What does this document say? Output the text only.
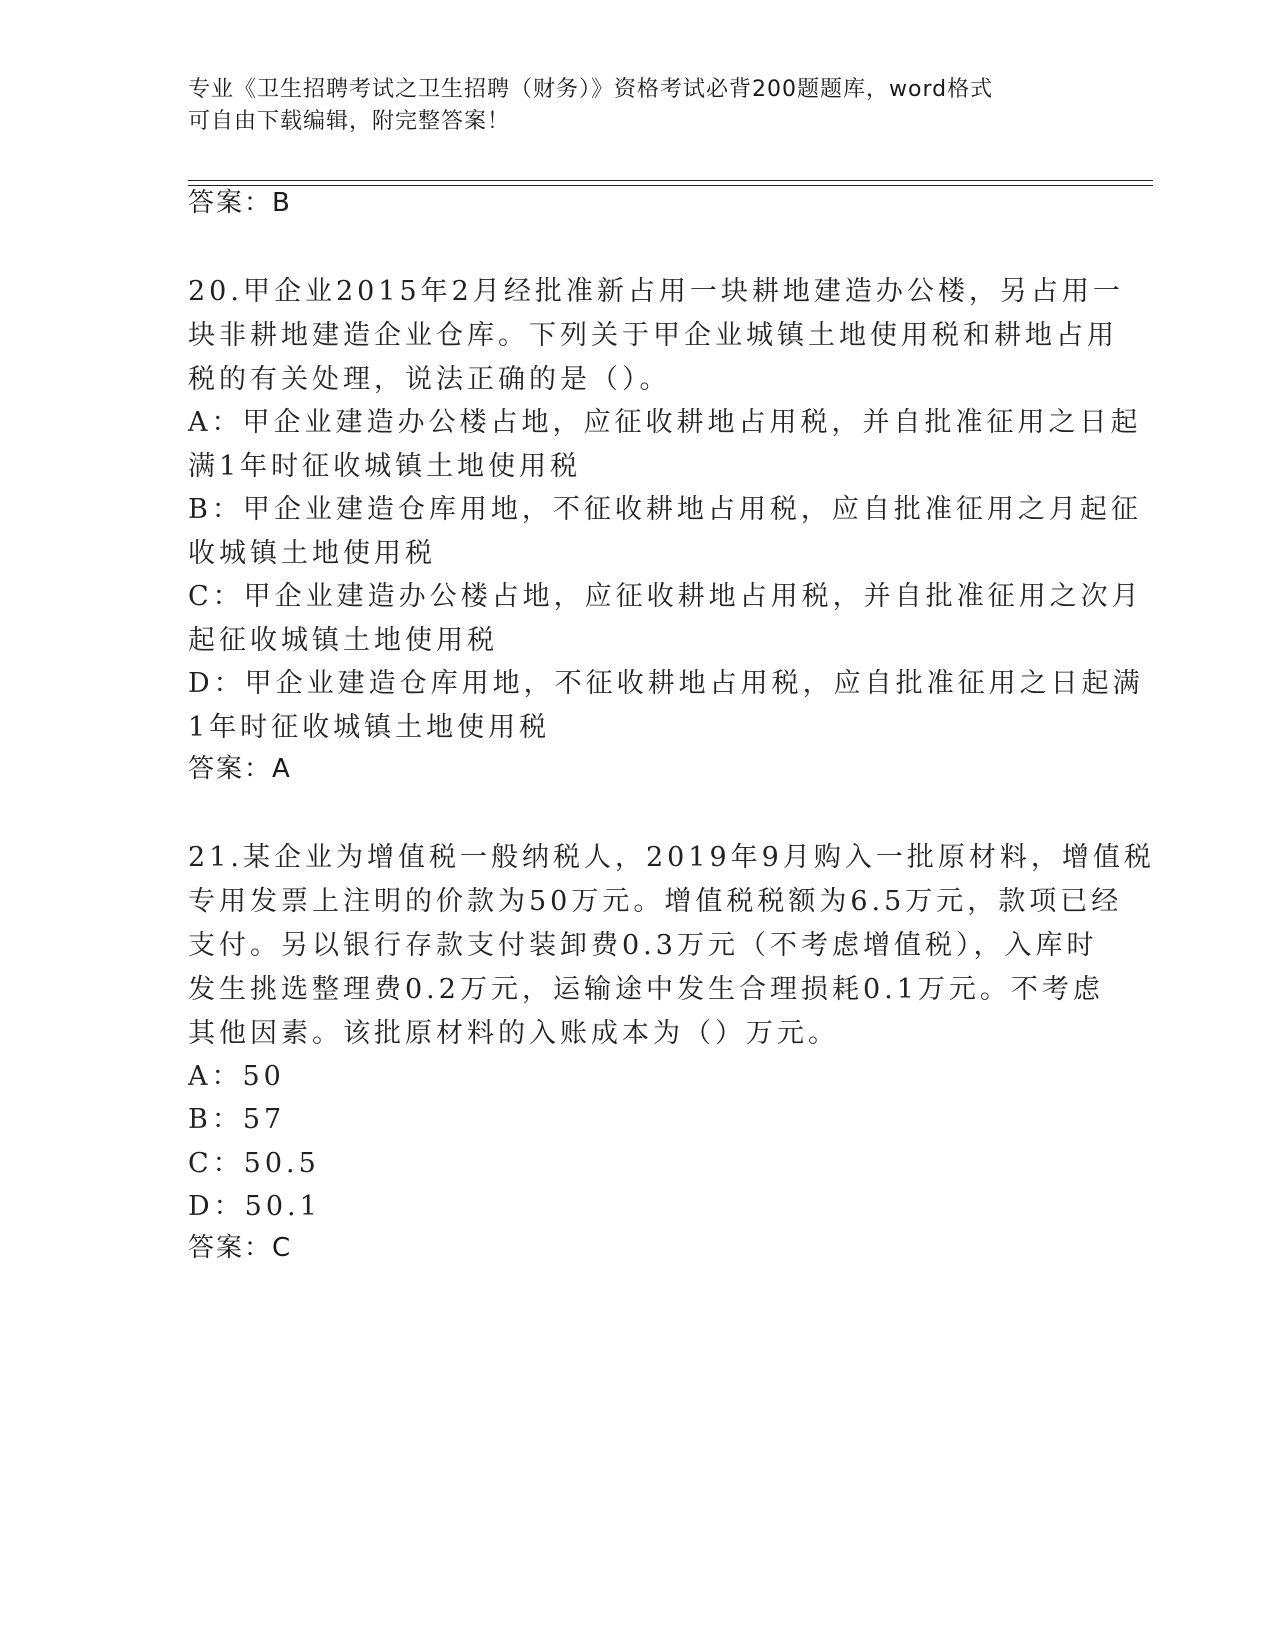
专业《卫生招聘考试之卫生招聘（财务）》资格考试必背200题题库，word格式
可自由下载编辑，附完整答案！
答案：B
20.甲企业2015年2月经批准新占用一块耕地建造办公楼，另占用一
块非耕地建造企业仓库。下列关于甲企业城镇土地使用税和耕地占用
税的有关处理，说法正确的是（）。
A：甲企业建造办公楼占地，应征收耕地占用税，并自批准征用之日起
满1年时征收城镇土地使用税
B：甲企业建造仓库用地，不征收耕地占用税，应自批准征用之月起征
收城镇土地使用税
C：甲企业建造办公楼占地，应征收耕地占用税，并自批准征用之次月
起征收城镇土地使用税
D：甲企业建造仓库用地，不征收耕地占用税，应自批准征用之日起满
1年时征收城镇土地使用税
答案：A
21.某企业为增值税一般纳税人，2019年9月购入一批原材料，增值税
专用发票上注明的价款为50万元。增值税税额为6.5万元，款项已经
支付。另以银行存款支付装卸费0.3万元（不考虑增值税），入库时
发生挑选整理费0.2万元，运输途中发生合理损耗0.1万元。不考虑
其他因素。该批原材料的入账成本为（）万元。
A：50
B：57
C：50.5
D：50.1
答案：C
